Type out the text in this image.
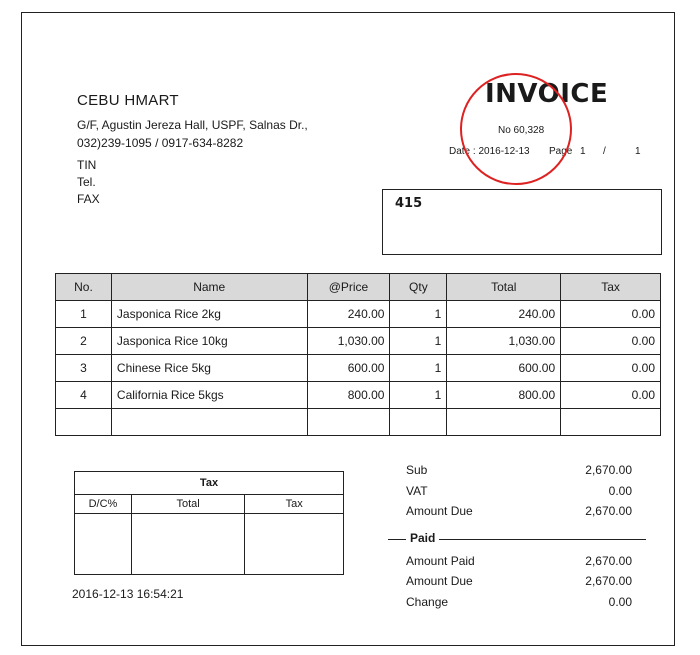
CEBU HMART
G/F, Agustin Jereza Hall, USPF, Salnas Dr.,
032)239-1095 / 0917-634-8282
TIN
Tel.
FAX
INVOICE
No 60,328
Date : 2016-12-13 Page 1 /	1
415
No.	Name	@Price	Qty	Total	Tax
1	Jasponica Rice 2kg	240.00	1	240.00	0.00
2	Jasponica Rice 10kg	1,030.00	1	1,030.00	0.00
3	Chinese Rice 5kg	600.00	1	600.00	0.00
4	California Rice 5kgs	800.00	1	800.00	0.00

Tax		
D/C%	Total	Tax

2016-12-13 16:54:21
Sub	2,670.00
VAT	0.00
Amount Due	2,670.00
Paid
Amount Paid	2,670.00
Amount Due	2,670.00
Change	0.00
